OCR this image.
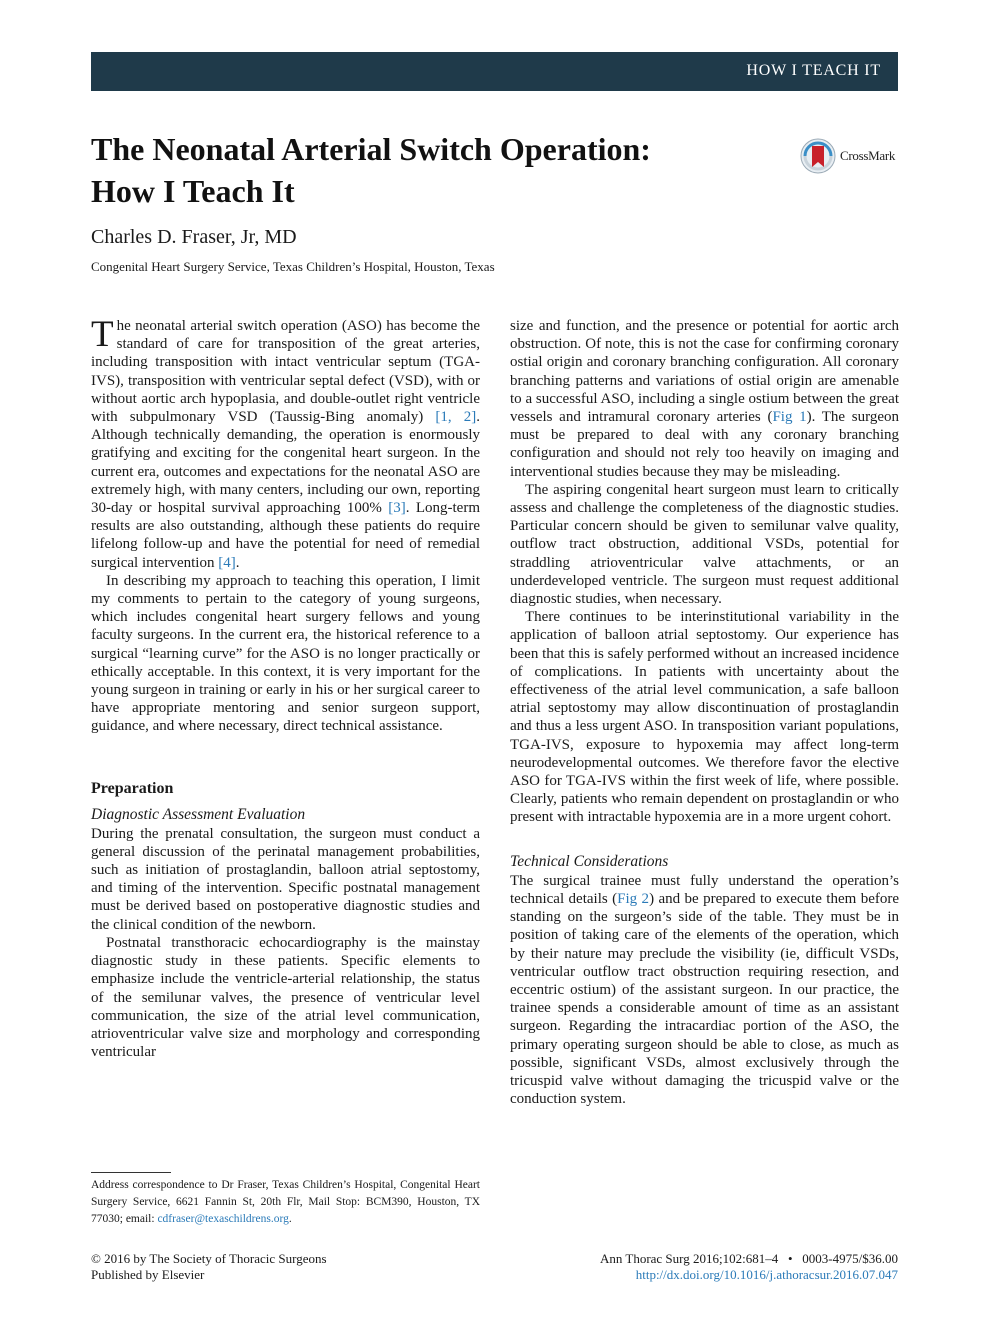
HOW I TEACH IT
The Neonatal Arterial Switch Operation:
How I Teach It
CrossMark
Charles D. Fraser, Jr, MD
Congenital Heart Surgery Service, Texas Children’s Hospital, Houston, Texas

The neonatal arterial switch operation (ASO) has become the standard of care for transposition of the great arteries, including transposition with intact ventricular septum (TGA-IVS), transposition with ventricular septal defect (VSD), with or without aortic arch hypoplasia, and double-outlet right ventricle with subpulmonary VSD (Taussig-Bing anomaly) [1, 2]. Although technically demanding, the operation is enormously gratifying and exciting for the congenital heart surgeon. In the current era, outcomes and expectations for the neonatal ASO are extremely high, with many centers, including our own, reporting 30-day or hospital survival approaching 100% [3]. Long-term results are also outstanding, although these patients do require lifelong follow-up and have the potential for need of remedial surgical intervention [4].

In describing my approach to teaching this operation, I limit my comments to pertain to the category of young surgeons, which includes congenital heart surgery fellows and young faculty surgeons. In the current era, the historical reference to a surgical “learning curve” for the ASO is no longer practically or ethically acceptable. In this context, it is very important for the young surgeon in training or early in his or her surgical career to have appropriate mentoring and senior surgeon support, guidance, and where necessary, direct technical assistance.

Preparation
Diagnostic Assessment Evaluation

During the prenatal consultation, the surgeon must conduct a general discussion of the perinatal management probabilities, such as initiation of prostaglandin, balloon atrial septostomy, and timing of the intervention. Specific postnatal management must be derived based on postoperative diagnostic studies and the clinical condition of the newborn.

Postnatal transthoracic echocardiography is the mainstay diagnostic study in these patients. Specific elements to emphasize include the ventricle-arterial relationship, the status of the semilunar valves, the presence of ventricular level communication, the size of the atrial level communication, atrioventricular valve size and morphology and corresponding ventricular

size and function, and the presence or potential for aortic arch obstruction. Of note, this is not the case for confirming coronary ostial origin and coronary branching configuration. All coronary branching patterns and variations of ostial origin are amenable to a successful ASO, including a single ostium between the great vessels and intramural coronary arteries (Fig 1). The surgeon must be prepared to deal with any coronary branching configuration and should not rely too heavily on imaging and interventional studies because they may be misleading.

The aspiring congenital heart surgeon must learn to critically assess and challenge the completeness of the diagnostic studies. Particular concern should be given to semilunar valve quality, outflow tract obstruction, additional VSDs, potential for straddling atrioventricular valve attachments, or an underdeveloped ventricle. The surgeon must request additional diagnostic studies, when necessary.

There continues to be interinstitutional variability in the application of balloon atrial septostomy. Our experience has been that this is safely performed without an increased incidence of complications. In patients with uncertainty about the effectiveness of the atrial level communication, a safe balloon atrial septostomy may allow discontinuation of prostaglandin and thus a less urgent ASO. In transposition variant populations, TGA-IVS, exposure to hypoxemia may affect long-term neurodevelopmental outcomes. We therefore favor the elective ASO for TGA-IVS within the first week of life, where possible. Clearly, patients who remain dependent on prostaglandin or who present with intractable hypoxemia are in a more urgent cohort.

Technical Considerations

The surgical trainee must fully understand the operation’s technical details (Fig 2) and be prepared to execute them before standing on the surgeon’s side of the table. They must be in position of taking care of the elements of the operation, which by their nature may preclude the visibility (ie, difficult VSDs, ventricular outflow tract obstruction requiring resection, and eccentric ostium) of the assistant surgeon. In our practice, the trainee spends a considerable amount of time as an assistant surgeon. Regarding the intracardiac portion of the ASO, the primary operating surgeon should be able to close, as much as possible, significant VSDs, almost exclusively through the tricuspid valve without damaging the tricuspid valve or the conduction system.

Address correspondence to Dr Fraser, Texas Children’s Hospital, Congenital Heart Surgery Service, 6621 Fannin St, 20th Flr, Mail Stop: BCM390, Houston, TX 77030; email: cdfraser@texaschildrens.org.
© 2016 by The Society of Thoracic Surgeons
Published by Elsevier
Ann Thorac Surg 2016;102:681–4 • 0003-4975/$36.00
http://dx.doi.org/10.1016/j.athoracsur.2016.07.047
